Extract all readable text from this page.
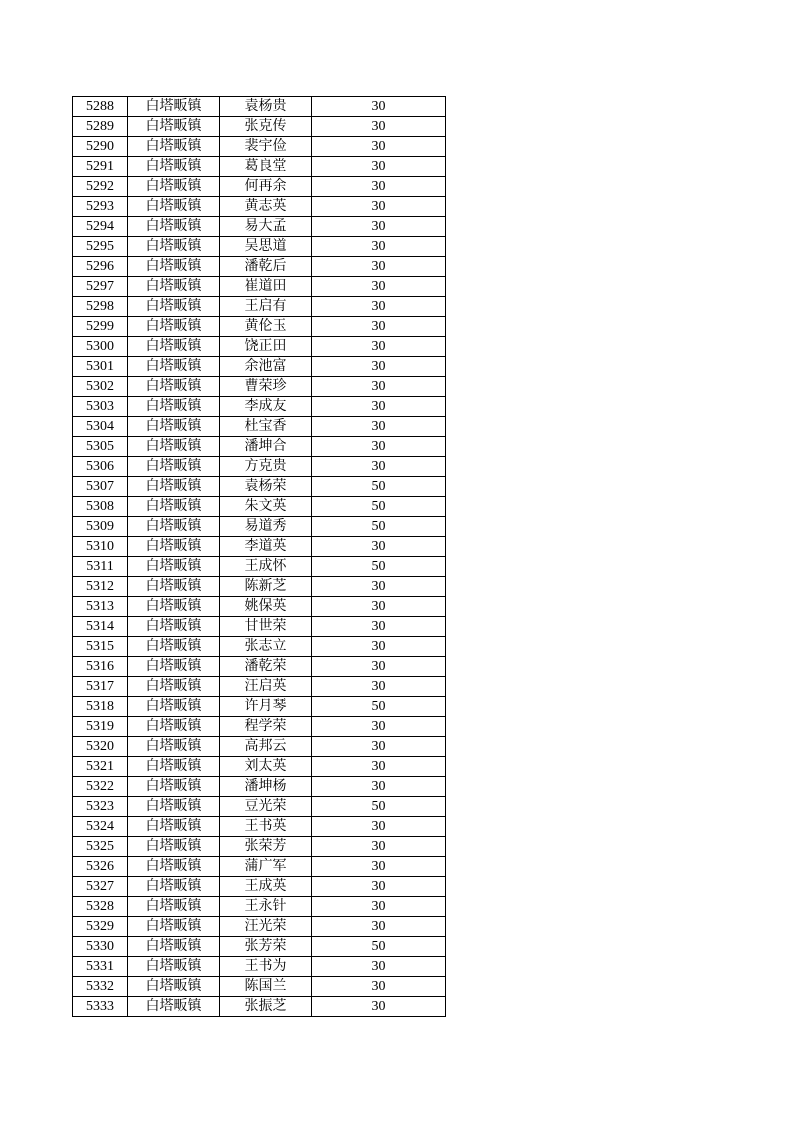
5288	白塔畈镇	袁杨贵	30
5289	白塔畈镇	张克传	30
5290	白塔畈镇	裴宇俭	30
5291	白塔畈镇	葛良堂	30
5292	白塔畈镇	何再余	30
5293	白塔畈镇	黄志英	30
5294	白塔畈镇	易大孟	30
5295	白塔畈镇	吴思道	30
5296	白塔畈镇	潘乾后	30
5297	白塔畈镇	崔道田	30
5298	白塔畈镇	王启有	30
5299	白塔畈镇	黄伦玉	30
5300	白塔畈镇	饶正田	30
5301	白塔畈镇	余池富	30
5302	白塔畈镇	曹荣珍	30
5303	白塔畈镇	李成友	30
5304	白塔畈镇	杜宝香	30
5305	白塔畈镇	潘坤合	30
5306	白塔畈镇	方克贵	30
5307	白塔畈镇	袁杨荣	50
5308	白塔畈镇	朱文英	50
5309	白塔畈镇	易道秀	50
5310	白塔畈镇	李道英	30
5311	白塔畈镇	王成怀	50
5312	白塔畈镇	陈新芝	30
5313	白塔畈镇	姚保英	30
5314	白塔畈镇	甘世荣	30
5315	白塔畈镇	张志立	30
5316	白塔畈镇	潘乾荣	30
5317	白塔畈镇	汪启英	30
5318	白塔畈镇	许月琴	50
5319	白塔畈镇	程学荣	30
5320	白塔畈镇	高邦云	30
5321	白塔畈镇	刘太英	30
5322	白塔畈镇	潘坤杨	30
5323	白塔畈镇	豆光荣	50
5324	白塔畈镇	王书英	30
5325	白塔畈镇	张荣芳	30
5326	白塔畈镇	蒲广军	30
5327	白塔畈镇	王成英	30
5328	白塔畈镇	王永针	30
5329	白塔畈镇	汪光荣	30
5330	白塔畈镇	张芳荣	50
5331	白塔畈镇	王书为	30
5332	白塔畈镇	陈国兰	30
5333	白塔畈镇	张振芝	30
